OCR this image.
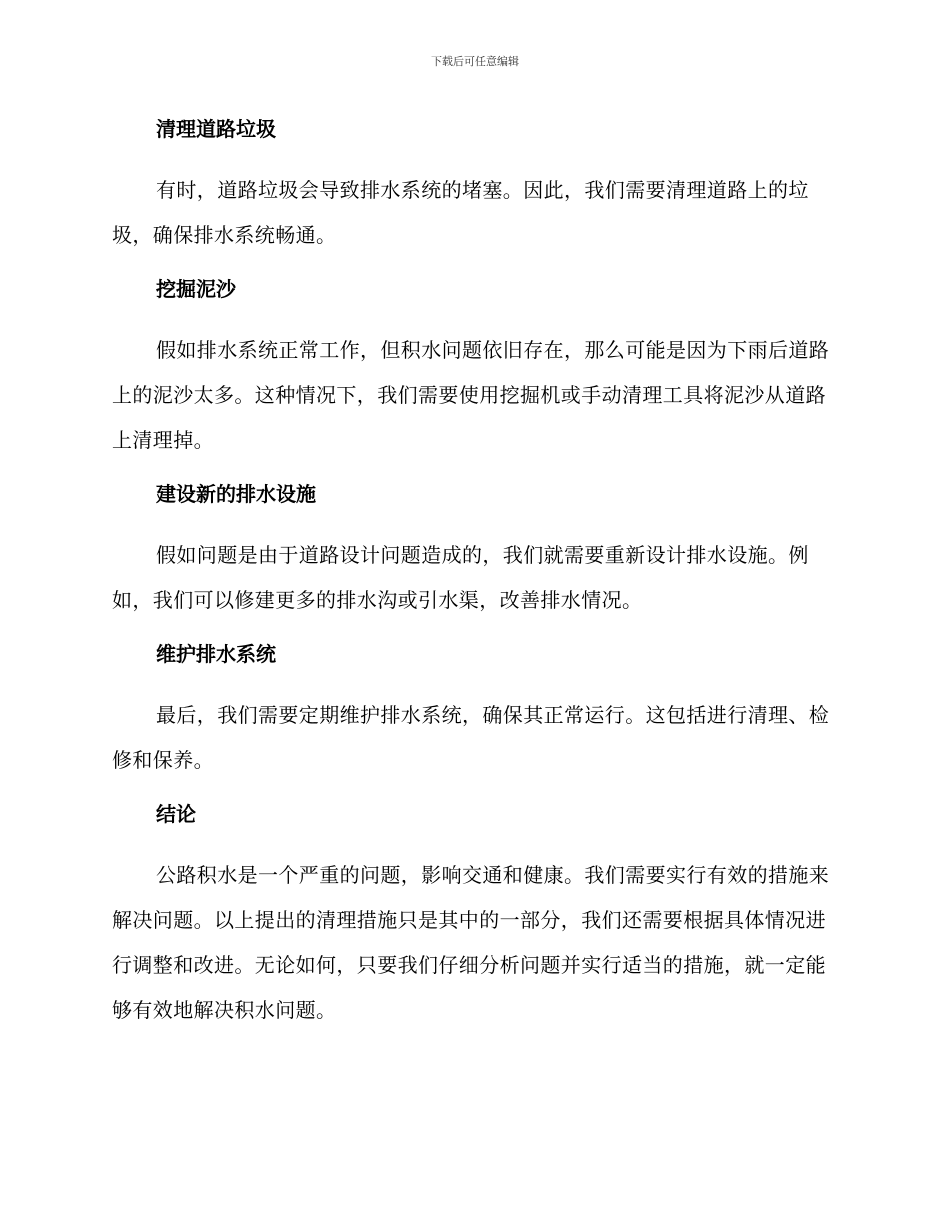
下载后可任意编辑
清理道路垃圾

有时，道路垃圾会导致排水系统的堵塞。因此，我们需要清理道路上的垃圾，确保排水系统畅通。

挖掘泥沙

假如排水系统正常工作，但积水问题依旧存在，那么可能是因为下雨后道路上的泥沙太多。这种情况下，我们需要使用挖掘机或手动清理工具将泥沙从道路上清理掉。

建设新的排水设施

假如问题是由于道路设计问题造成的，我们就需要重新设计排水设施。例如，我们可以修建更多的排水沟或引水渠，改善排水情况。

维护排水系统

最后，我们需要定期维护排水系统，确保其正常运行。这包括进行清理、检修和保养。

结论

公路积水是一个严重的问题，影响交通和健康。我们需要实行有效的措施来解决问题。以上提出的清理措施只是其中的一部分，我们还需要根据具体情况进行调整和改进。无论如何，只要我们仔细分析问题并实行适当的措施，就一定能够有效地解决积水问题。
